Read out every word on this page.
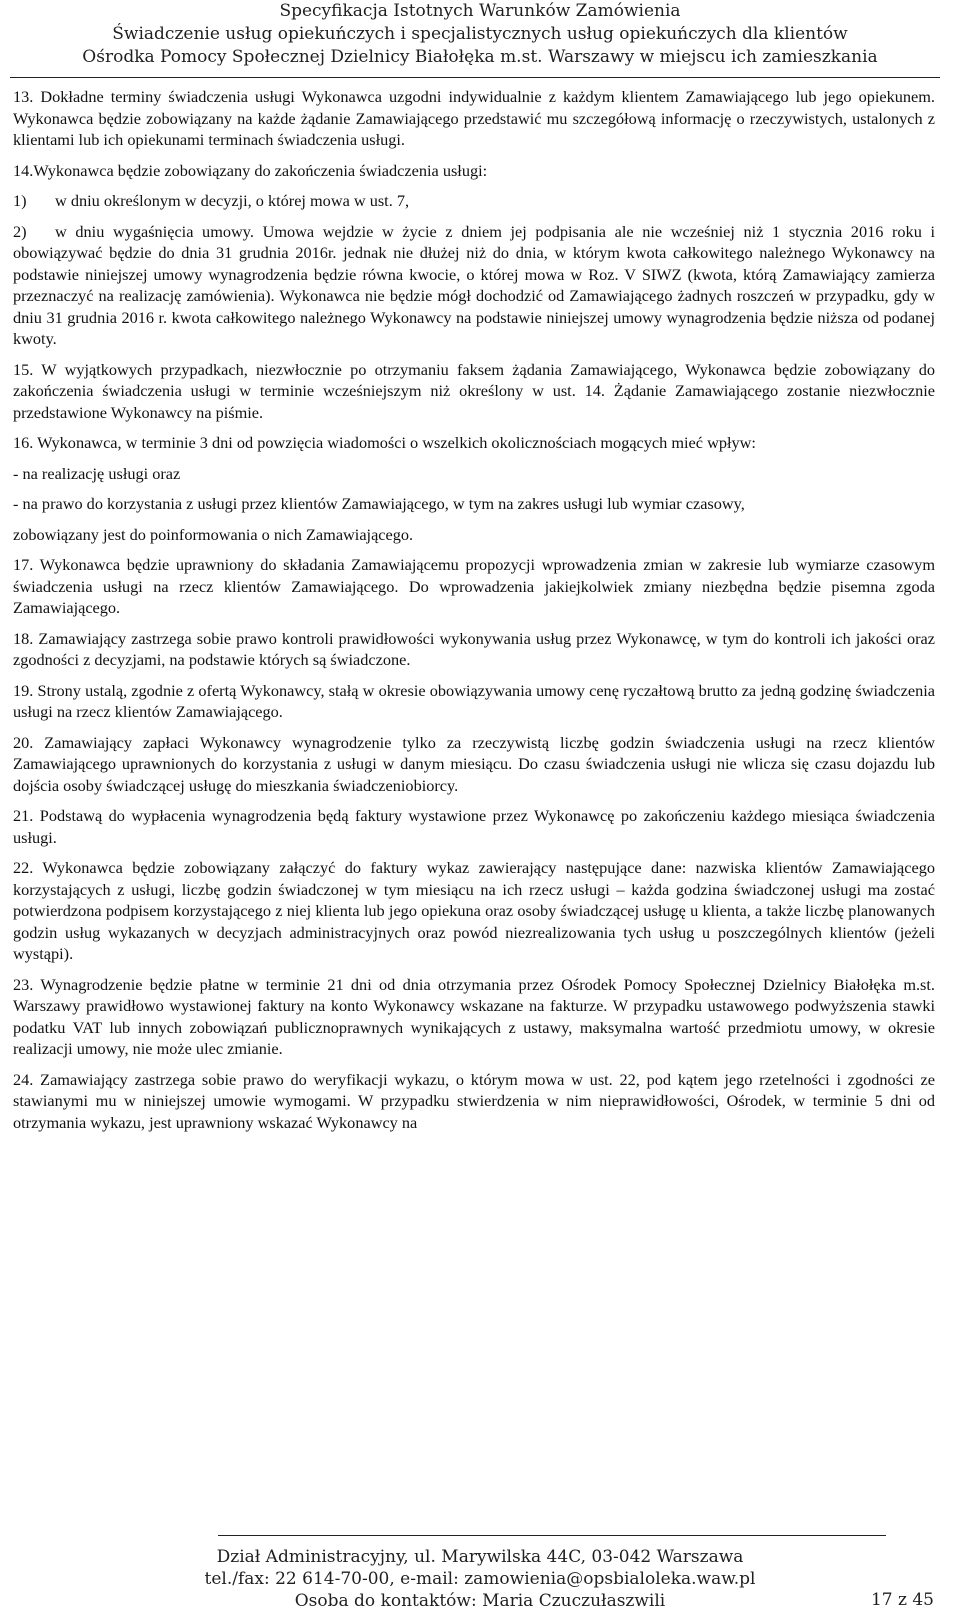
Specyfikacja Istotnych Warunków Zamówienia
Świadczenie usług opiekuńczych i specjalistycznych usług opiekuńczych dla klientów
Ośrodka Pomocy Społecznej Dzielnicy Białołęka m.st. Warszawy w miejscu ich zamieszkania

13. Dokładne terminy świadczenia usługi Wykonawca uzgodni indywidualnie z każdym klientem Zamawiającego lub jego opiekunem. Wykonawca będzie zobowiązany na każde żądanie Zamawiającego przedstawić mu szczegółową informację o rzeczywistych, ustalonych z klientami lub ich opiekunami terminach świadczenia usługi.

14.Wykonawca będzie zobowiązany do zakończenia świadczenia usługi:

1)	w dniu określonym w decyzji, o której mowa w ust. 7,

2) w dniu wygaśnięcia umowy. Umowa wejdzie w życie z dniem jej podpisania ale nie wcześniej niż 1 stycznia 2016 roku i obowiązywać będzie do dnia 31 grudnia 2016r. jednak nie dłużej niż do dnia, w którym kwota całkowitego należnego Wykonawcy na podstawie niniejszej umowy wynagrodzenia będzie równa kwocie, o której mowa w Roz. V SIWZ (kwota, którą Zamawiający zamierza przeznaczyć na realizację zamówienia). Wykonawca nie będzie mógł dochodzić od Zamawiającego żadnych roszczeń w przypadku, gdy w dniu 31 grudnia 2016 r. kwota całkowitego należnego Wykonawcy na podstawie niniejszej umowy wynagrodzenia będzie niższa od podanej kwoty.

15. W wyjątkowych przypadkach, niezwłocznie po otrzymaniu faksem żądania Zamawiającego, Wykonawca będzie zobowiązany do zakończenia świadczenia usługi w terminie wcześniejszym niż określony w ust. 14. Żądanie Zamawiającego zostanie niezwłocznie przedstawione Wykonawcy na piśmie.

16. Wykonawca, w terminie 3 dni od powzięcia wiadomości o wszelkich okolicznościach mogących mieć wpływ:

- na realizację usługi oraz

- na prawo do korzystania z usługi przez klientów Zamawiającego, w tym na zakres usługi lub wymiar czasowy,

zobowiązany jest do poinformowania o nich Zamawiającego.

17. Wykonawca będzie uprawniony do składania Zamawiającemu propozycji wprowadzenia zmian w zakresie lub wymiarze czasowym świadczenia usługi na rzecz klientów Zamawiającego. Do wprowadzenia jakiejkolwiek zmiany niezbędna będzie pisemna zgoda Zamawiającego.

18. Zamawiający zastrzega sobie prawo kontroli prawidłowości wykonywania usług przez Wykonawcę, w tym do kontroli ich jakości oraz zgodności z decyzjami, na podstawie których są świadczone.

19. Strony ustalą, zgodnie z ofertą Wykonawcy, stałą w okresie obowiązywania umowy cenę ryczałtową brutto za jedną godzinę świadczenia usługi na rzecz klientów Zamawiającego.

20. Zamawiający zapłaci Wykonawcy wynagrodzenie tylko za rzeczywistą liczbę godzin świadczenia usługi na rzecz klientów Zamawiającego uprawnionych do korzystania z usługi w danym miesiącu. Do czasu świadczenia usługi nie wlicza się czasu dojazdu lub dojścia osoby świadczącej usługę do mieszkania świadczeniobiorcy.

21. Podstawą do wypłacenia wynagrodzenia będą faktury wystawione przez Wykonawcę po zakończeniu każdego miesiąca świadczenia usługi.

22. Wykonawca będzie zobowiązany załączyć do faktury wykaz zawierający następujące dane: nazwiska klientów Zamawiającego korzystających z usługi, liczbę godzin świadczonej w tym miesiącu na ich rzecz usługi – każda godzina świadczonej usługi ma zostać potwierdzona podpisem korzystającego z niej klienta lub jego opiekuna oraz osoby świadczącej usługę u klienta, a także liczbę planowanych godzin usług wykazanych w decyzjach administracyjnych oraz powód niezrealizowania tych usług u poszczególnych klientów (jeżeli wystąpi).

23. Wynagrodzenie będzie płatne w terminie 21 dni od dnia otrzymania przez Ośrodek Pomocy Społecznej Dzielnicy Białołęka m.st. Warszawy prawidłowo wystawionej faktury na konto Wykonawcy wskazane na fakturze. W przypadku ustawowego podwyższenia stawki podatku VAT lub innych zobowiązań publicznoprawnych wynikających z ustawy, maksymalna wartość przedmiotu umowy, w okresie realizacji umowy, nie może ulec zmianie.

24. Zamawiający zastrzega sobie prawo do weryfikacji wykazu, o którym mowa w ust. 22, pod kątem jego rzetelności i zgodności ze stawianymi mu w niniejszej umowie wymogami. W przypadku stwierdzenia w nim nieprawidłowości, Ośrodek, w terminie 5 dni od otrzymania wykazu, jest uprawniony wskazać Wykonawcy na

Dział Administracyjny, ul. Marywilska 44C, 03-042 Warszawa
tel./fax: 22 614-70-00, e-mail: zamowienia@opsbialoleka.waw.pl
Osoba do kontaktów: Maria Czuczułaszwili	17 z 45
